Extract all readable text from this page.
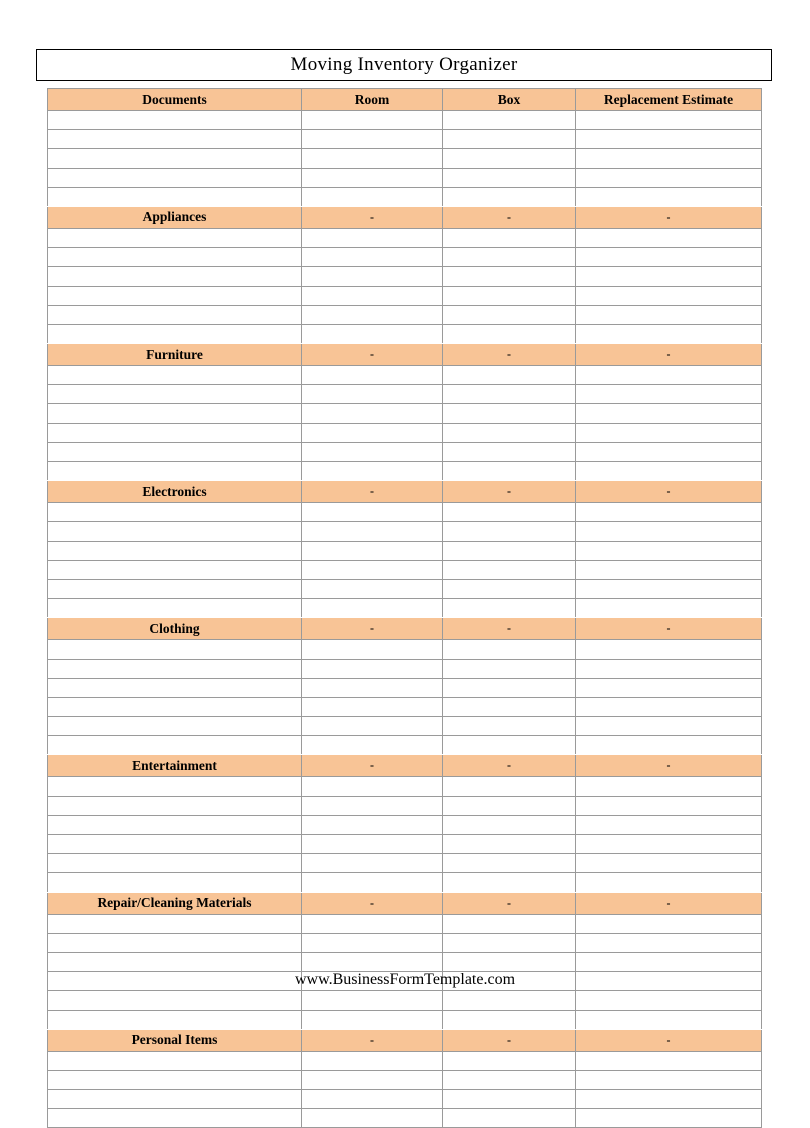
Moving Inventory Organizer
Documents	Room	Box	Replacement Estimate

Appliances	-	-	-

Furniture	-	-	-

Electronics	-	-	-

Clothing	-	-	-

Entertainment	-	-	-

Repair/Cleaning Materials	-	-	-

Personal Items	-	-	-

www.BusinessFormTemplate.com
